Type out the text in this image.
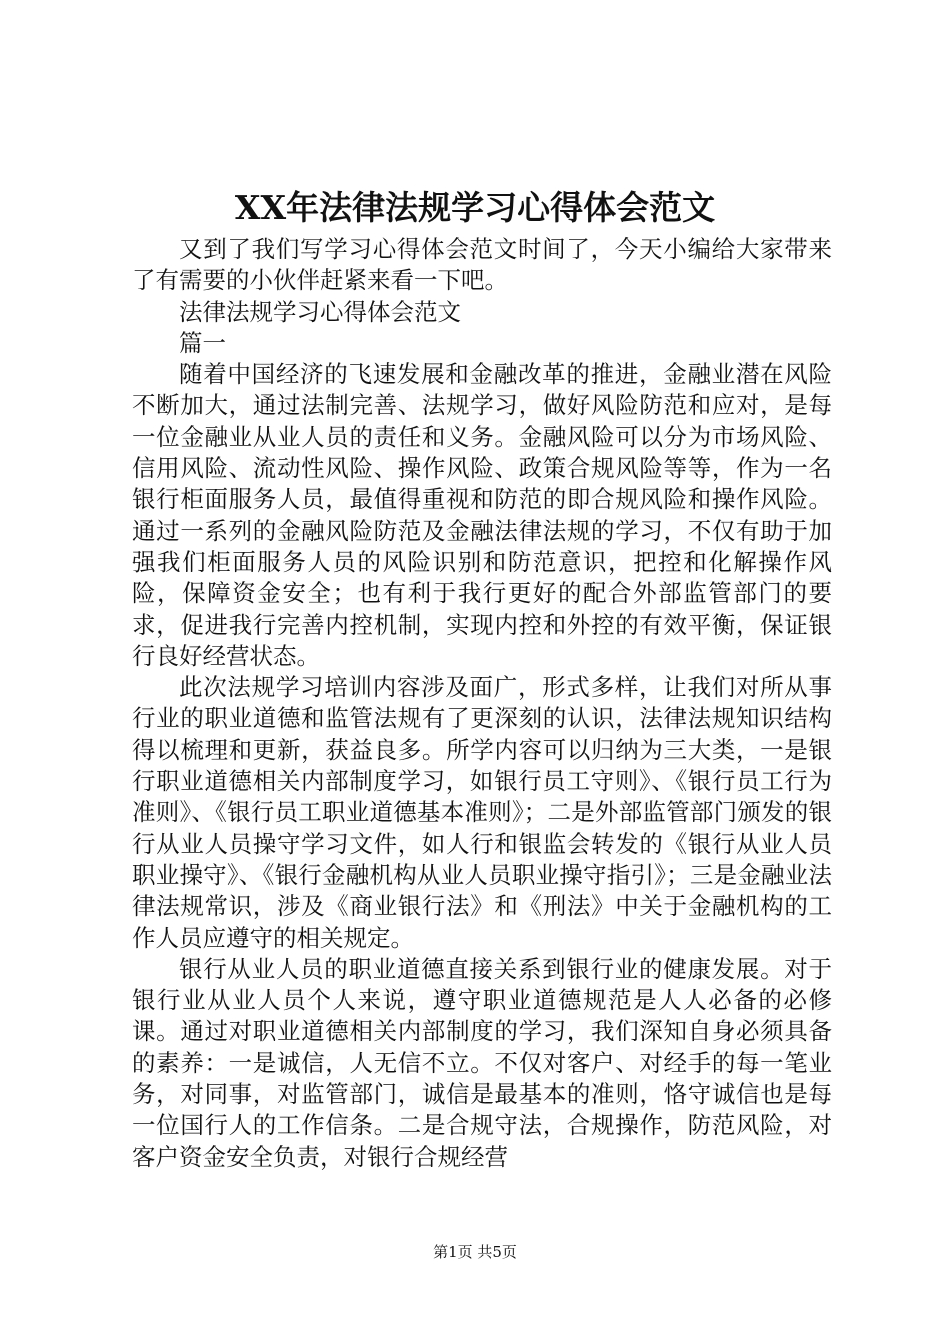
XX年法律法规学习心得体会范文

又到了我们写学习心得体会范文时间了，今天小编给大家带来了有需要的小伙伴赶紧来看一下吧。

法律法规学习心得体会范文

篇一

随着中国经济的飞速发展和金融改革的推进，金融业潜在风险不断加大，通过法制完善、法规学习，做好风险防范和应对，是每一位金融业从业人员的责任和义务。金融风险可以分为市场风险、信用风险、流动性风险、操作风险、政策合规风险等等，作为一名银行柜面服务人员，最值得重视和防范的即合规风险和操作风险。通过一系列的金融风险防范及金融法律法规的学习，不仅有助于加强我们柜面服务人员的风险识别和防范意识，把控和化解操作风险，保障资金安全；也有利于我行更好的配合外部监管部门的要求，促进我行完善内控机制，实现内控和外控的有效平衡，保证银行良好经营状态。

此次法规学习培训内容涉及面广，形式多样，让我们对所从事行业的职业道德和监管法规有了更深刻的认识，法律法规知识结构得以梳理和更新，获益良多。所学内容可以归纳为三大类，一是银行职业道德相关内部制度学习，如银行员工守则》、《银行员工行为准则》、《银行员工职业道德基本准则》；二是外部监管部门颁发的银行从业人员操守学习文件，如人行和银监会转发的《银行从业人员职业操守》、《银行金融机构从业人员职业操守指引》；三是金融业法律法规常识，涉及《商业银行法》和《刑法》中关于金融机构的工作人员应遵守的相关规定。

银行从业人员的职业道德直接关系到银行业的健康发展。对于银行业从业人员个人来说，遵守职业道德规范是人人必备的必修课。通过对职业道德相关内部制度的学习，我们深知自身必须具备的素养：一是诚信，人无信不立。不仅对客户、对经手的每一笔业务，对同事，对监管部门，诚信是最基本的准则，恪守诚信也是每一位国行人的工作信条。二是合规守法，合规操作，防范风险，对客户资金安全负责，对银行合规经营

第1页 共5页
